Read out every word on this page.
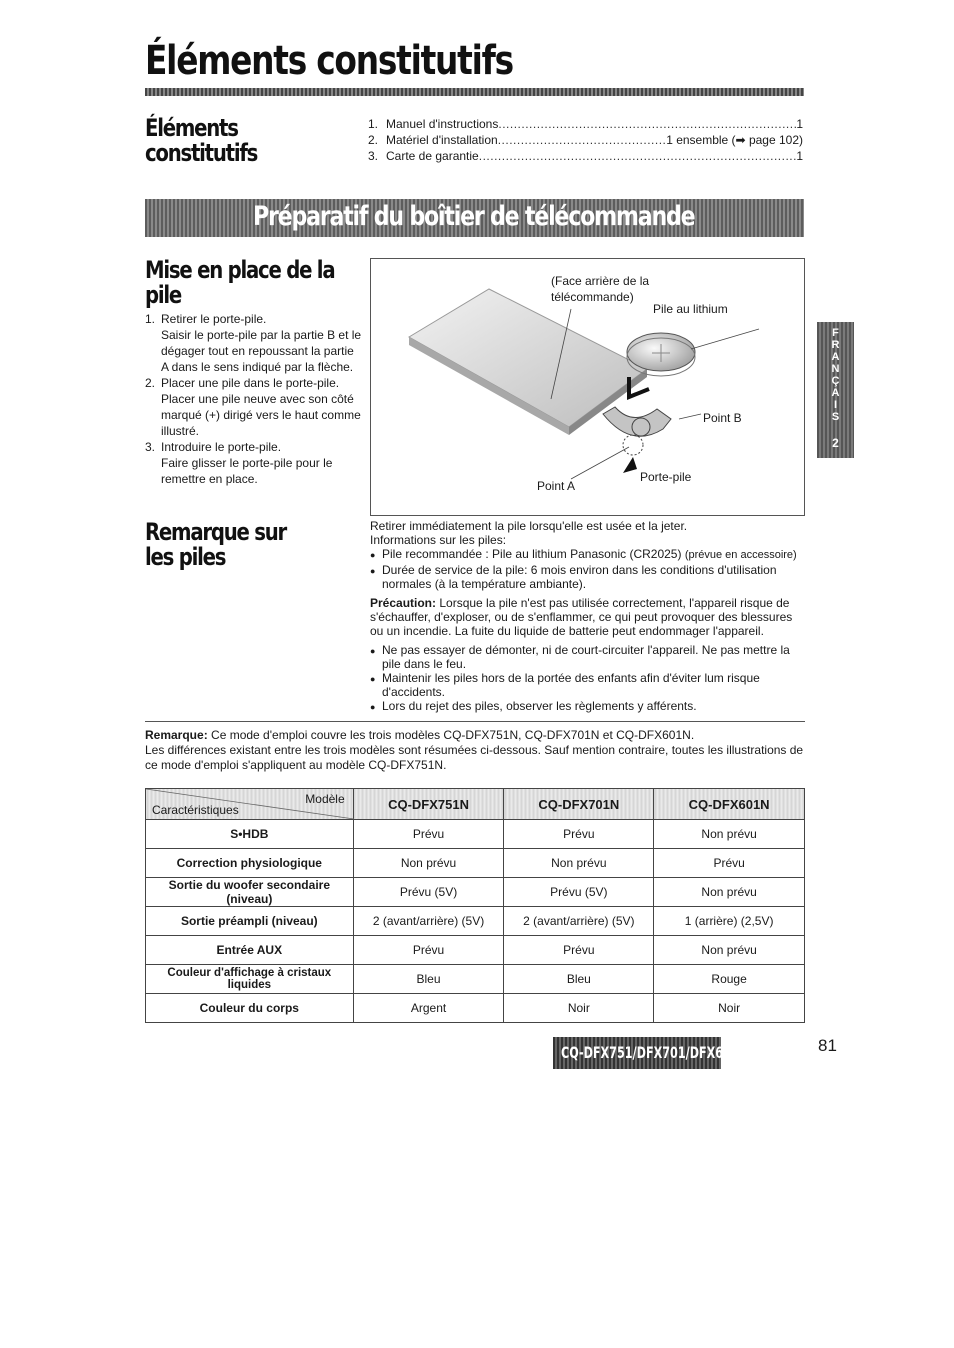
Éléments constitutifs
Éléments constitutifs
1. Manuel d'instructions .....	1
2. Matériel d'installation .....	1 ensemble (➡ page 102)
3. Carte de garantie .....	1
Préparatif du boîtier de télécommande
Mise en place de la pile
1. Retirer le porte-pile.
Saisir le porte-pile par la partie B et le dégager tout en repoussant la partie A dans le sens indiqué par la flèche.
2. Placer une pile dans le porte-pile.
Placer une pile neuve avec son côté marqué (+) dirigé vers le haut comme illustré.
3. Introduire le porte-pile.
Faire glisser le porte-pile pour le remettre en place.
(Face arrière de la télécommande)
Pile au lithium
Point B
Point A
Porte-pile
Remarque sur les piles
Retirer immédiatement la pile lorsqu'elle est usée et la jeter.
Informations sur les piles:
● Pile recommandée : Pile au lithium Panasonic (CR2025) (prévue en accessoire)
● Durée de service de la pile: 6 mois environ dans les conditions d'utilisation normales (à la température ambiante).
Précaution: Lorsque la pile n'est pas utilisée correctement, l'appareil risque de s'échauffer, d'exploser, ou de s'enflammer, ce qui peut provoquer des blessures ou un incendie. La fuite du liquide de batterie peut endommager l'appareil.
● Ne pas essayer de démonter, ni de court-circuiter l'appareil. Ne pas mettre la pile dans le feu.
● Maintenir les piles hors de la portée des enfants afin d'éviter lum risque d'accidents.
● Lors du rejet des piles, observer les règlements y afférents.
Remarque: Ce mode d'emploi couvre les trois modèles CQ-DFX751N, CQ-DFX701N et CQ-DFX601N.
Les différences existant entre les trois modèles sont résumées ci-dessous. Sauf mention contraire, toutes les illustrations de ce mode d'emploi s'appliquent au modèle CQ-DFX751N.
Modèle
Caractéristiques	CQ-DFX751N	CQ-DFX701N	CQ-DFX601N
S•HDB	Prévu	Prévu	Non prévu
Correction physiologique	Non prévu	Non prévu	Prévu
Sortie du woofer secondaire (niveau)	Prévu (5V)	Prévu (5V)	Non prévu
Sortie préampli (niveau)	2 (avant/arrière) (5V)	2 (avant/arrière) (5V)	1 (arrière) (2,5V)
Entrée AUX	Prévu	Prévu	Non prévu
Couleur d'affichage à cristaux liquides	Bleu	Bleu	Rouge
Couleur du corps	Argent	Noir	Noir
CQ-DFX751/DFX701/DFX601N	81
F
R
A
N
Ç
A
I
S
2
